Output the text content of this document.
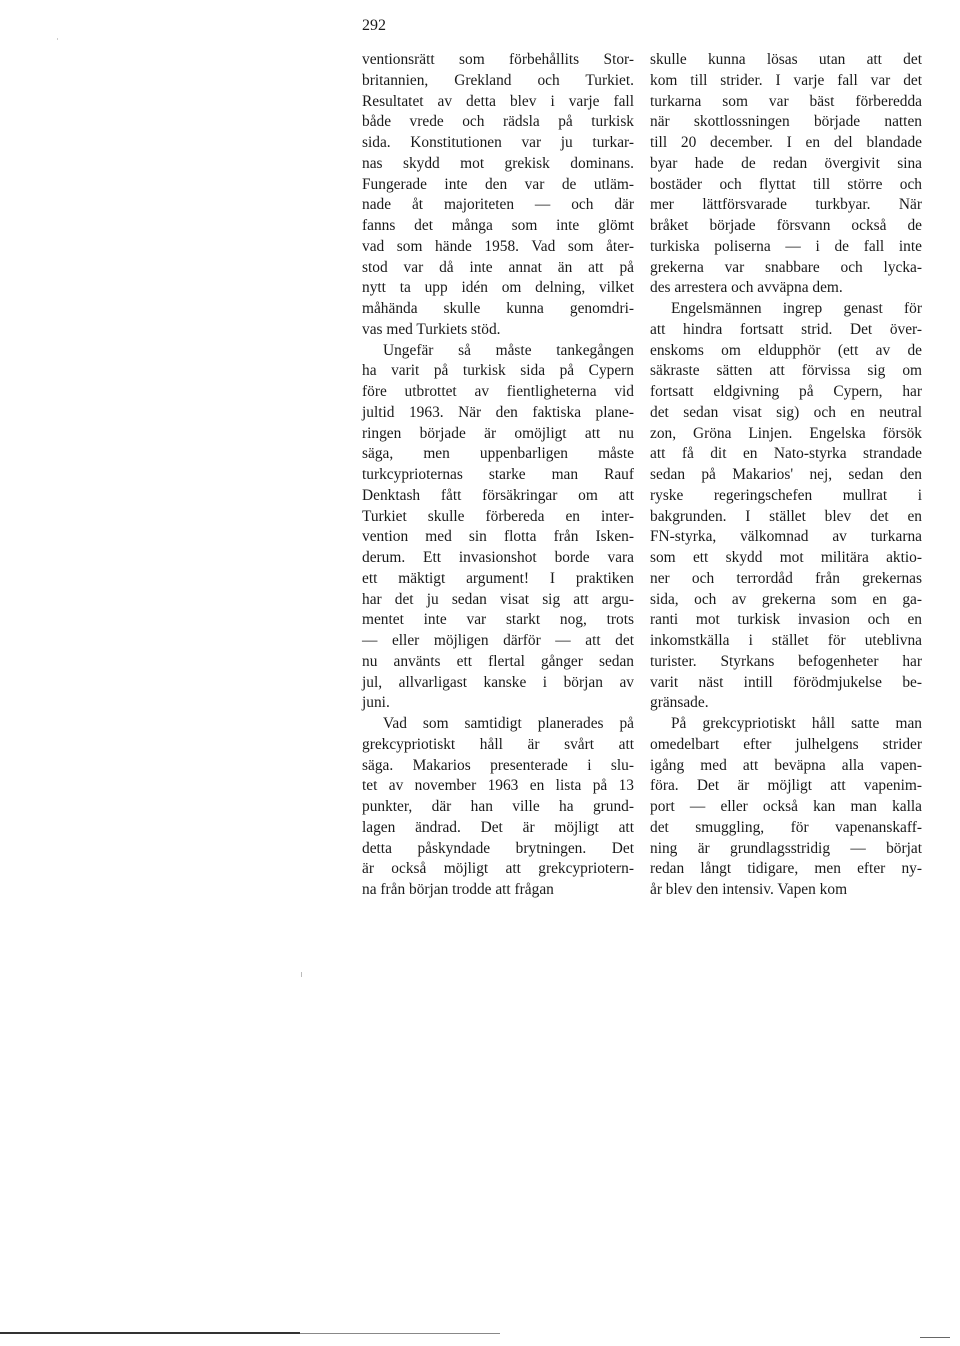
292
ventionsrätt som förbehållits Stor-
britannien, Grekland och Turkiet.
Resultatet av detta blev i varje fall
både vrede och rädsla på turkisk
sida. Konstitutionen var ju turkar-
nas skydd mot grekisk dominans.
Fungerade inte den var de utläm-
nade åt majoriteten — och där
fanns det många som inte glömt
vad som hände 1958. Vad som åter-
stod var då inte annat än att på
nytt ta upp idén om delning, vilket
måhända skulle kunna genomdri-
vas med Turkiets stöd.
Ungefär så måste tankegången
ha varit på turkisk sida på Cypern
före utbrottet av fientligheterna vid
jultid 1963. När den faktiska plane-
ringen började är omöjligt att nu
säga, men uppenbarligen måste
turkcyprioternas starke man Rauf
Denktash fått försäkringar om att
Turkiet skulle förbereda en inter-
vention med sin flotta från Isken-
derum. Ett invasionshot borde vara
ett mäktigt argument! I praktiken
har det ju sedan visat sig att argu-
mentet inte var starkt nog, trots
— eller möjligen därför — att det
nu använts ett flertal gånger sedan
jul, allvarligast kanske i början av
juni.
Vad som samtidigt planerades på
grekcypriotiskt håll är svårt att
säga. Makarios presenterade i slu-
tet av november 1963 en lista på 13
punkter, där han ville ha grund-
lagen ändrad. Det är möjligt att
detta påskyndade brytningen. Det
är också möjligt att grekcypriotern-
na från början trodde att frågan
skulle kunna lösas utan att det
kom till strider. I varje fall var det
turkarna som var bäst förberedda
när skottlossningen började natten
till 20 december. I en del blandade
byar hade de redan övergivit sina
bostäder och flyttat till större och
mer lättförsvarade turkbyar. När
bråket började försvann också de
turkiska poliserna — i de fall inte
grekerna var snabbare och lycka-
des arrestera och avväpna dem.
Engelsmännen ingrep genast för
att hindra fortsatt strid. Det över-
enskoms om eldupphör (ett av de
säkraste sätten att förvissa sig om
fortsatt eldgivning på Cypern, har
det sedan visat sig) och en neutral
zon, Gröna Linjen. Engelska försök
att få dit en Nato-styrka strandade
sedan på Makarios' nej, sedan den
ryske regeringschefen mullrat i
bakgrunden. I stället blev det en
FN-styrka, välkomnad av turkarna
som ett skydd mot militära aktio-
ner och terrordåd från grekernas
sida, och av grekerna som en ga-
ranti mot turkisk invasion och en
inkomstkälla i stället för uteblivna
turister. Styrkans befogenheter har
varit näst intill förödmjukelse be-
gränsade.
På grekcypriotiskt håll satte man
omedelbart efter julhelgens strider
igång med att beväpna alla vapen-
föra. Det är möjligt att vapenim-
port — eller också kan man kalla
det smuggling, för vapenanskaff-
ning är grundlagsstridig — börjat
redan långt tidigare, men efter ny-
år blev den intensiv. Vapen kom
